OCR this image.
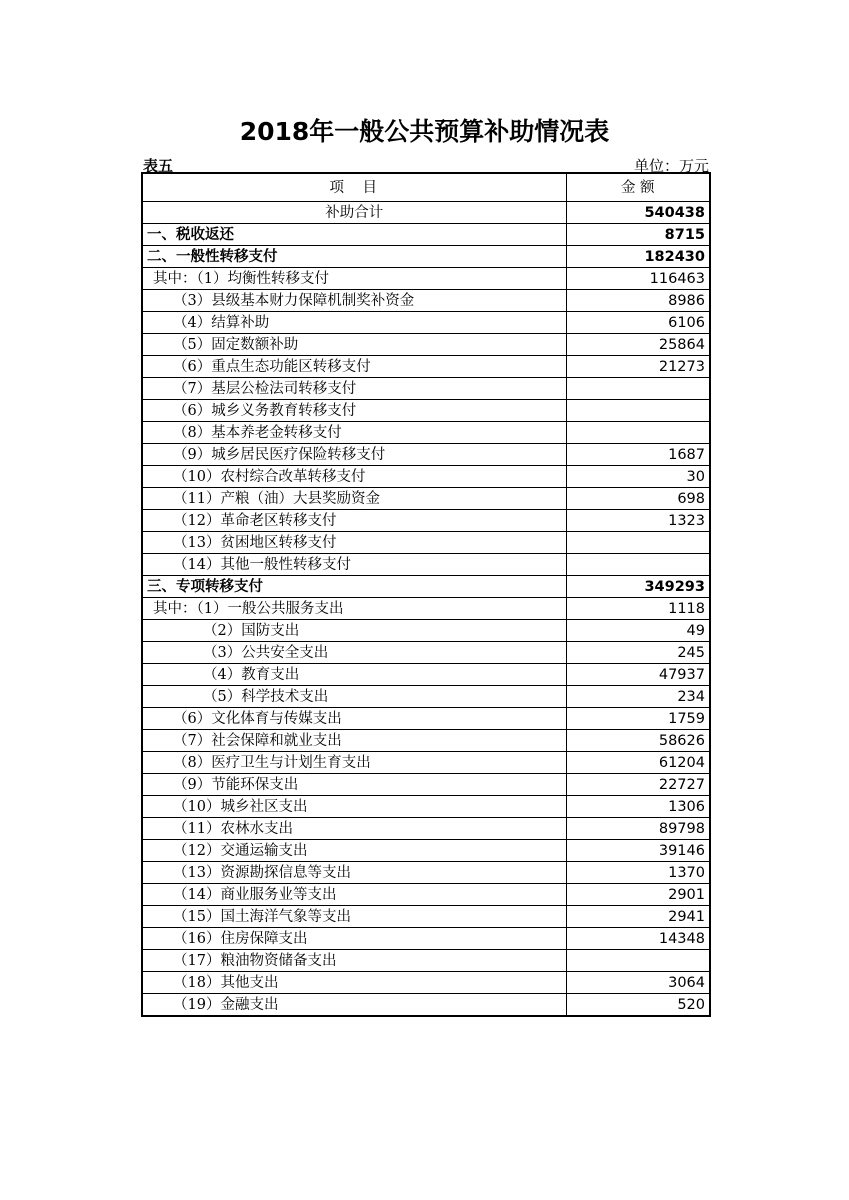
2018年一般公共预算补助情况表
表五	单位：万元
项　目	金 额
补助合计	540438
一、税收返还	8715
二、一般性转移支付	182430
其中：（1）均衡性转移支付	116463
（3）县级基本财力保障机制奖补资金	8986
（4）结算补助	6106
（5）固定数额补助	25864
（6）重点生态功能区转移支付	21273
（7）基层公检法司转移支付	
（6）城乡义务教育转移支付	
（8）基本养老金转移支付	
（9）城乡居民医疗保险转移支付	1687
（10）农村综合改革转移支付	30
（11）产粮（油）大县奖励资金	698
（12）革命老区转移支付	1323
（13）贫困地区转移支付	
（14）其他一般性转移支付	
三、专项转移支付	349293
其中：（1）一般公共服务支出	1118
（2）国防支出	49
（3）公共安全支出	245
（4）教育支出	47937
（5）科学技术支出	234
（6）文化体育与传媒支出	1759
（7）社会保障和就业支出	58626
（8）医疗卫生与计划生育支出	61204
（9）节能环保支出	22727
（10）城乡社区支出	1306
（11）农林水支出	89798
（12）交通运输支出	39146
（13）资源勘探信息等支出	1370
（14）商业服务业等支出	2901
（15）国土海洋气象等支出	2941
（16）住房保障支出	14348
（17）粮油物资储备支出	
（18）其他支出	3064
（19）金融支出	520
